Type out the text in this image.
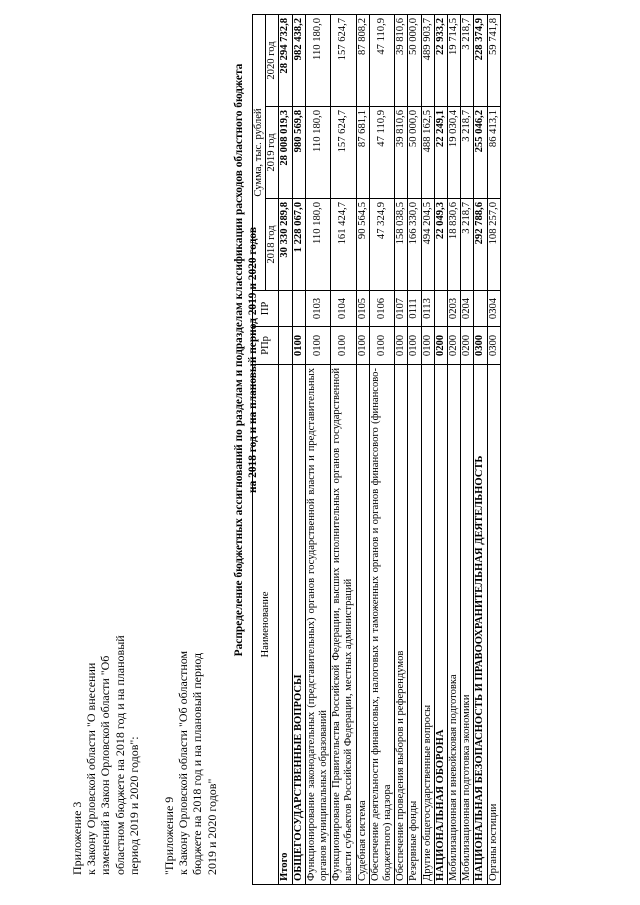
Приложение 3 к Закону Орловской области "О внесении изменений в Закон Орловской области "Об областном бюджете на 2018 год и на плановый период 2019 и 2020 годов": "Приложение 9 к Закону Орловской области "Об областном бюджете на 2018 год и на плановый период 2019 и 2020 годов"
Распределение бюджетных ассигнований по разделам и подразделам классификации расходов областного бюджета на 2018 год и на плановый период 2019 и 2020 годов
Наименование	РПр	ПР	Сумма, тыс. рублей		
			2018 год	2019 год	2020 год
Итого			30 330 289,8	28 008 019,3	28 294 732,8
ОБЩЕГОСУДАРСТВЕННЫЕ ВОПРОСЫ	0100		1 228 067,0	980 569,8	982 438,2
Функционирование законодательных (представительных) органов государственной власти и представительных органов муниципальных образований	0100	0103	110 180,0	110 180,0	110 180,0
Функционирование Правительства Российской Федерации, высших исполнительных органов государственной власти субъектов Российской Федерации, местных администраций	0100	0104	161 424,7	157 624,7	157 624,7
Судебная система	0100	0105	90 564,5	87 681,1	87 808,2
Обеспечение деятельности финансовых, налоговых и таможенных органов и органов финансового (финансово-бюджетного) надзора	0100	0106	47 324,9	47 110,9	47 110,9
Обеспечение проведения выборов и референдумов	0100	0107	158 038,5	39 810,6	39 810,6
Резервные фонды	0100	0111	166 330,0	50 000,0	50 000,0
Другие общегосударственные вопросы	0100	0113	494 204,5	488 162,5	489 903,7
НАЦИОНАЛЬНАЯ ОБОРОНА	0200		22 049,3	22 249,1	22 933,2
Мобилизационная и вневойсковая подготовка	0200	0203	18 830,6	19 030,4	19 714,5
Мобилизационная подготовка экономики	0200	0204	3 218,7	3 218,7	3 218,7
НАЦИОНАЛЬНАЯ БЕЗОПАСНОСТЬ И ПРАВООХРАНИТЕЛЬНАЯ ДЕЯТЕЛЬНОСТЬ	0300		292 788,6	255 046,2	228 374,9
Органы юстиции	0300	0304	108 257,0	86 413,1	59 741,8
